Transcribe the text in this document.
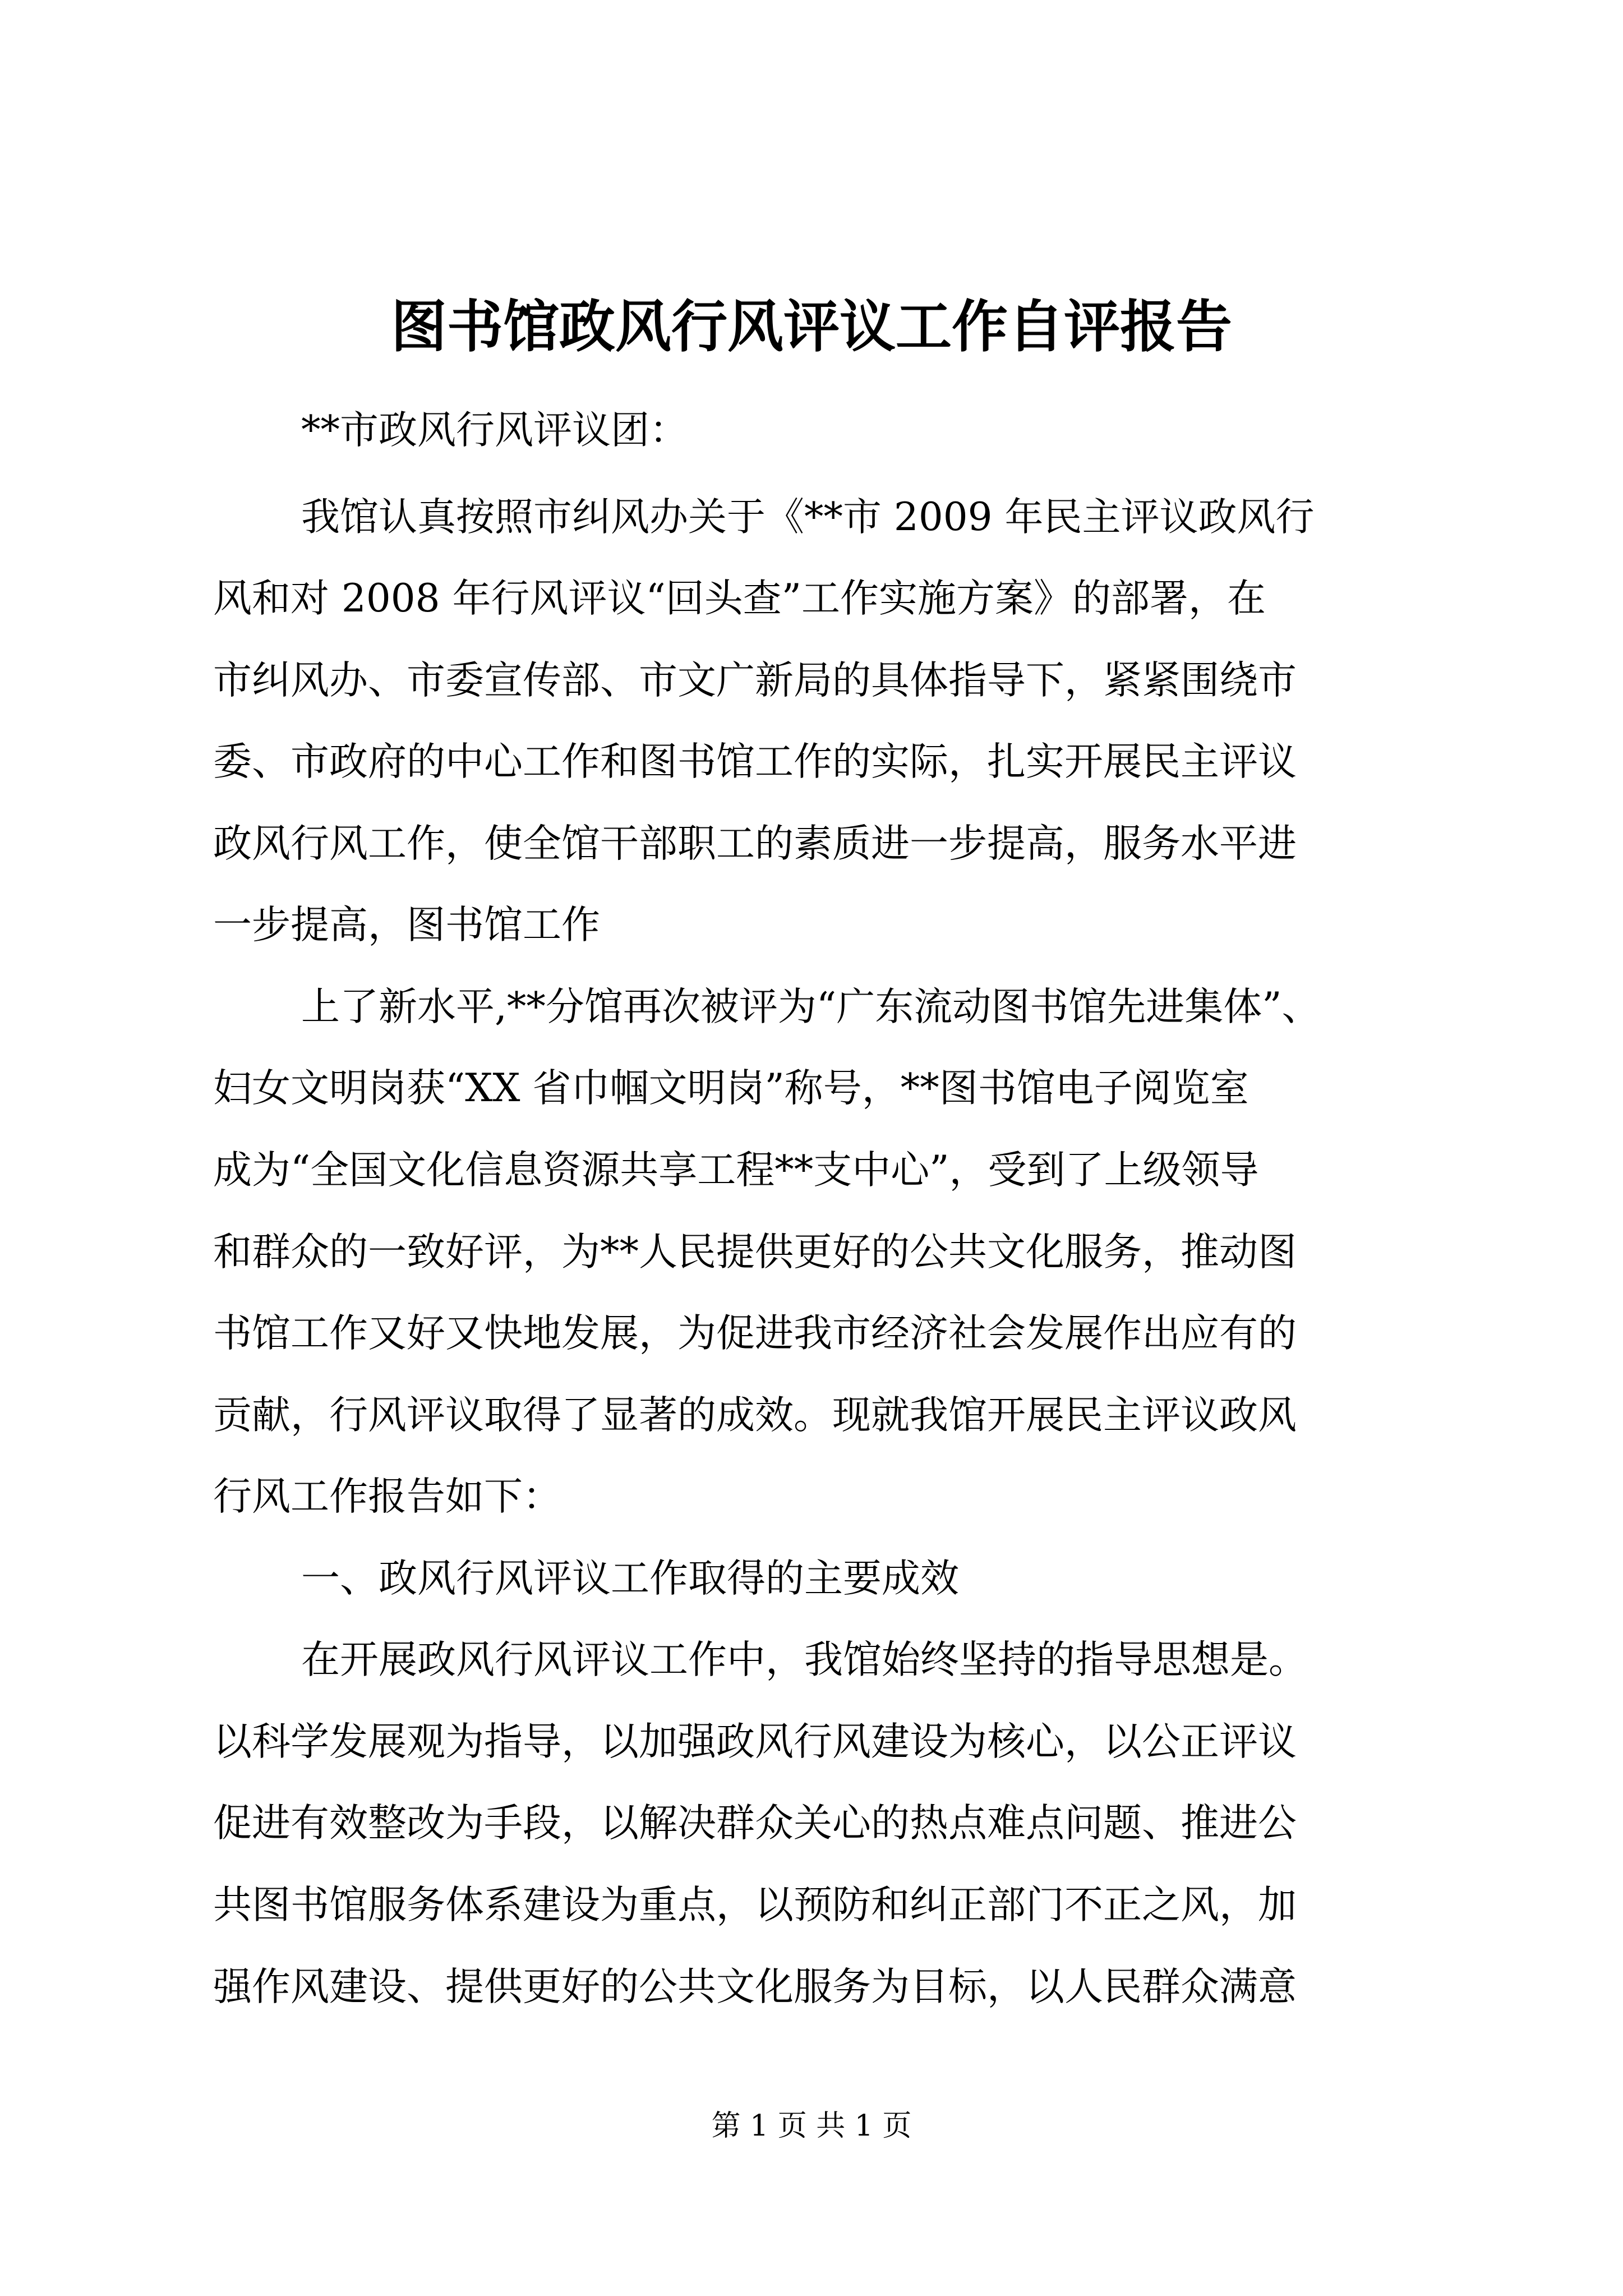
图书馆政风行风评议工作自评报告

**市政风行风评议团：

我馆认真按照市纠风办关于《**市 2009 年民主评议政风行

风和对 2008 年行风评议“回头查”工作实施方案》的部署，在

市纠风办、市委宣传部、市文广新局的具体指导下，紧紧围绕市

委、市政府的中心工作和图书馆工作的实际，扎实开展民主评议

政风行风工作，使全馆干部职工的素质进一步提高，服务水平进

一步提高，图书馆工作

上了新水平,**分馆再次被评为“广东流动图书馆先进集体”、

妇女文明岗获“XX 省巾帼文明岗”称号，**图书馆电子阅览室

成为“全国文化信息资源共享工程**支中心”，受到了上级领导

和群众的一致好评，为**人民提供更好的公共文化服务，推动图

书馆工作又好又快地发展，为促进我市经济社会发展作出应有的

贡献，行风评议取得了显著的成效。现就我馆开展民主评议政风

行风工作报告如下：

一、政风行风评议工作取得的主要成效

在开展政风行风评议工作中，我馆始终坚持的指导思想是。

以科学发展观为指导，以加强政风行风建设为核心，以公正评议

促进有效整改为手段，以解决群众关心的热点难点问题、推进公

共图书馆服务体系建设为重点，以预防和纠正部门不正之风，加

强作风建设、提供更好的公共文化服务为目标，以人民群众满意

第 1 页 共 1 页
